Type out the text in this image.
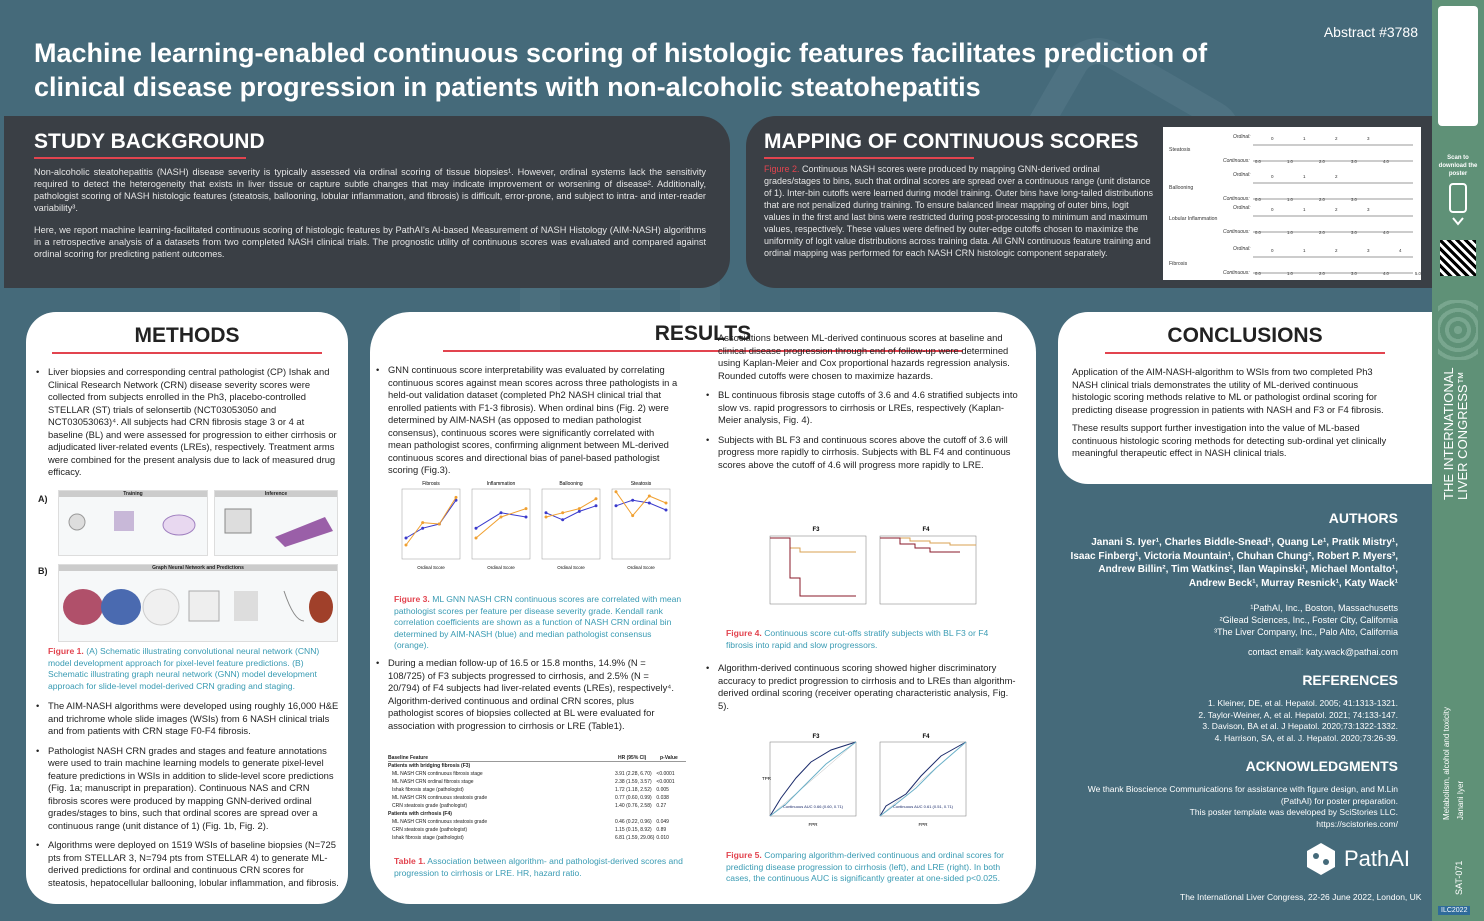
Machine learning-enabled continuous scoring of histologic features facilitates prediction of clinical disease progression in patients with non-alcoholic steatohepatitis
Abstract #3788
STUDY BACKGROUND

Non-alcoholic steatohepatitis (NASH) disease severity is typically assessed via ordinal scoring of tissue biopsies¹. However, ordinal systems lack the sensitivity required to detect the heterogeneity that exists in liver tissue or capture subtle changes that may indicate improvement or worsening of disease². Additionally, pathologist scoring of NASH histologic features (steatosis, ballooning, lobular inflammation, and fibrosis) is difficult, error-prone, and subject to intra- and inter-reader variability³.

Here, we report machine learning-facilitated continuous scoring of histologic features by PathAI's AI-based Measurement of NASH Histology (AIM-NASH) algorithms in a retrospective analysis of a datasets from two completed NASH clinical trials. The prognostic utility of continuous scores was evaluated and compared against ordinal scoring for predicting patient outcomes.

MAPPING OF CONTINUOUS SCORES
Figure 2. Continuous NASH scores were produced by mapping GNN-derived ordinal grades/stages to bins, such that ordinal scores are spread over a continuous range (unit distance of 1). Inter-bin cutoffs were learned during model training. Outer bins have long-tailed distributions that are not penalized during training. To ensure balanced linear mapping of outer bins, logit values in the first and last bins were restricted during post-processing to minimum and maximum values, respectively. These values were defined by outer-edge cutoffs chosen to maximize the uniformity of logit value distributions across training data. All GNN continuous feature training and ordinal mapping was performed for each NASH CRN histologic component separately.
Steatosis
Ballooning
Lobular Inflammation
Fibrosis
Ordinal:
Continuous:
0	1	2	3
0.0	1.0	2.0	3.0	4.0
Ordinal:
Continuous:
0	1	2
0.0	1.0	2.0	3.0
Ordinal:
Continuous:
0	1	2	3
0.0	1.0	2.0	3.0	4.0
Ordinal:
Continuous:
0	1	2	3	4
0.0	1.0	2.0	3.0	4.0	5.0
METHODS
• Liver biopsies and corresponding central pathologist (CP) Ishak and Clinical Research Network (CRN) disease severity scores were collected from subjects enrolled in the Ph3, placebo-controlled STELLAR (ST) trials of selonsertib (NCT03053050 and NCT03053063)⁴. All subjects had CRN fibrosis stage 3 or 4 at baseline (BL) and were assessed for progression to either cirrhosis or adjudicated liver-related events (LREs), respectively. Treatment arms were combined for the present analysis due to lack of measured drug efficacy.
A)	Training	Inference
B)	Graph Neural Network and Predictions
Figure 1. (A) Schematic illustrating convolutional neural network (CNN) model development approach for pixel-level feature predictions. (B) Schematic illustrating graph neural network (GNN) model development approach for slide-level model-derived CRN grading and staging.
• The AIM-NASH algorithms were developed using roughly 16,000 H&E and trichrome whole slide images (WSIs) from 6 NASH clinical trials and from patients with CRN stage F0-F4 fibrosis.
• Pathologist NASH CRN grades and stages and feature annotations were used to train machine learning models to generate pixel-level feature predictions in WSIs in addition to slide-level score predictions (Fig. 1a; manuscript in preparation). Continuous NAS and CRN fibrosis scores were produced by mapping GNN-derived ordinal grades/stages to bins, such that ordinal scores are spread over a continuous range (unit distance of 1) (Fig. 1b, Fig. 2).
• Algorithms were deployed on 1519 WSIs of baseline biopsies (N=725 pts from STELLAR 3, N=794 pts from STELLAR 4) to generate ML-derived predictions for ordinal and continuous CRN scores for steatosis, hepatocellular ballooning, lobular inflammation, and fibrosis.
RESULTS
• GNN continuous score interpretability was evaluated by correlating continuous scores against mean scores across three pathologists in a held-out validation dataset (completed Ph2 NASH clinical trial that enrolled patients with F1-3 fibrosis). When ordinal bins (Fig. 2) were determined by AIM-NASH (as opposed to median pathologist consensus), continuous scores were significantly correlated with mean pathologist scores, confirming alignment between ML-derived continuous scores and directional bias of panel-based pathologist scoring (Fig.3).
Fibrosis
Ordinal Score
Inflammation
Ordinal Score
Ballooning
Ordinal Score
Steatosis
Ordinal Score
Figure 3. ML GNN NASH CRN continuous scores are correlated with mean pathologist scores per feature per disease severity grade. Kendall rank correlation coefficients are shown as a function of NASH CRN ordinal bin determined by AIM-NASH (blue) and median pathologist consensus (orange).
• During a median follow-up of 16.5 or 15.8 months, 14.9% (N = 108/725) of F3 subjects progressed to cirrhosis, and 2.5% (N = 20/794) of F4 subjects had liver-related events (LREs), respectively⁴. Algorithm-derived continuous and ordinal CRN scores, plus pathologist scores of biopsies collected at BL were evaluated for association with progression to cirrhosis or LRE (Table1).
Baseline Feature	HR (95% CI)	p-Value
Patients with bridging fibrosis (F3)
ML NASH CRN continuous fibrosis stage	3.91 (2.28, 6.70) <0.0001
ML NASH CRN ordinal fibrosis stage	2.38 (1.59, 3.57) <0.0001
Ishak fibrosis stage (pathologist)	1.72 (1.18, 2.52) 0.005
ML NASH CRN continuous steatosis grade	0.77 (0.60, 0.99) 0.038
CRN steatosis grade (pathologist)	1.40 (0.76, 2.58) 0.27
Patients with cirrhosis (F4)
ML NASH CRN continuous steatosis grade	0.46 (0.22, 0.96) 0.049
CRN steatosis grade (pathologist)	1.15 (0.15, 8.92) 0.89
Ishak fibrosis stage (pathologist)	6.81 (1.59, 29.06) 0.010
Table 1. Association between algorithm- and pathologist-derived scores and progression to cirrhosis or LRE. HR, hazard ratio.
• Associations between ML-derived continuous scores at baseline and clinical disease progression through end of follow-up were determined using Kaplan-Meier and Cox proportional hazards regression analysis. Rounded cutoffs were chosen to maximize hazards.
• BL continuous fibrosis stage cutoffs of 3.6 and 4.6 stratified subjects into slow vs. rapid progressors to cirrhosis or LREs, respectively (Kaplan-Meier analysis, Fig. 4).
• Subjects with BL F3 and continuous scores above the cutoff of 3.6 will progress more rapidly to cirrhosis. Subjects with BL F4 and continuous scores above the cutoff of 4.6 will progress more rapidly to LRE.
F3	F4
Figure 4. Continuous score cut-offs stratify subjects with BL F3 or F4 fibrosis into rapid and slow progressors.
• Algorithm-derived continuous scoring showed higher discriminatory accuracy to predict progression to cirrhosis and to LREs than algorithm-derived ordinal scoring (receiver operating characteristic analysis, Fig. 5).
F3
Continuous AUC 0.66 (0.60, 0.71)
FPR
F4
Continuous AUC 0.61 (0.51, 0.71)
FPR
TPR
Figure 5. Comparing algorithm-derived continuous and ordinal scores for predicting disease progression to cirrhosis (left), and LRE (right). In both cases, the continuous AUC is significantly greater at one-sided p<0.025.
CONCLUSIONS

Application of the AIM-NASH-algorithm to WSIs from two completed Ph3 NASH clinical trials demonstrates the utility of ML-derived continuous histologic scoring methods relative to ML or pathologist ordinal scoring for predicting disease progression in patients with NASH and F3 or F4 fibrosis.

These results support further investigation into the value of ML-based continuous histologic scoring methods for detecting sub-ordinal yet clinically meaningful therapeutic effect in NASH clinical trials.

AUTHORS
Janani S. Iyer¹, Charles Biddle-Snead¹, Quang Le¹, Pratik Mistry¹, Isaac Finberg¹, Victoria Mountain¹, Chuhan Chung², Robert P. Myers³, Andrew Billin², Tim Watkins², Ilan Wapinski¹, Michael Montalto¹, Andrew Beck¹, Murray Resnick¹, Katy Wack¹
¹PathAI, Inc., Boston, Massachusetts
²Gilead Sciences, Inc., Foster City, California
³The Liver Company, Inc., Palo Alto, California
contact email: katy.wack@pathai.com
REFERENCES
1. Kleiner, DE, et al. Hepatol. 2005; 41:1313-1321.
2. Taylor-Weiner, A, et al. Hepatol. 2021; 74:133-147.
3. Davison, BA et al. J Hepatol. 2020;73:1322-1332.
4. Harrison, SA, et al. J. Hepatol. 2020;73:26-39.
ACKNOWLEDGMENTS
We thank Bioscience Communications for assistance with figure design, and M.Lin (PathAI) for poster preparation.
This poster template was developed by SciStories LLC.
https://scistories.com/
PathAI
The International Liver Congress, 22-26 June 2022, London, UK
Scan to download the poster
THE INTERNATIONAL LIVER CONGRESS™
SAT-071
Metabolism, alcohol and toxicity Janani Iyer
ILC2022
